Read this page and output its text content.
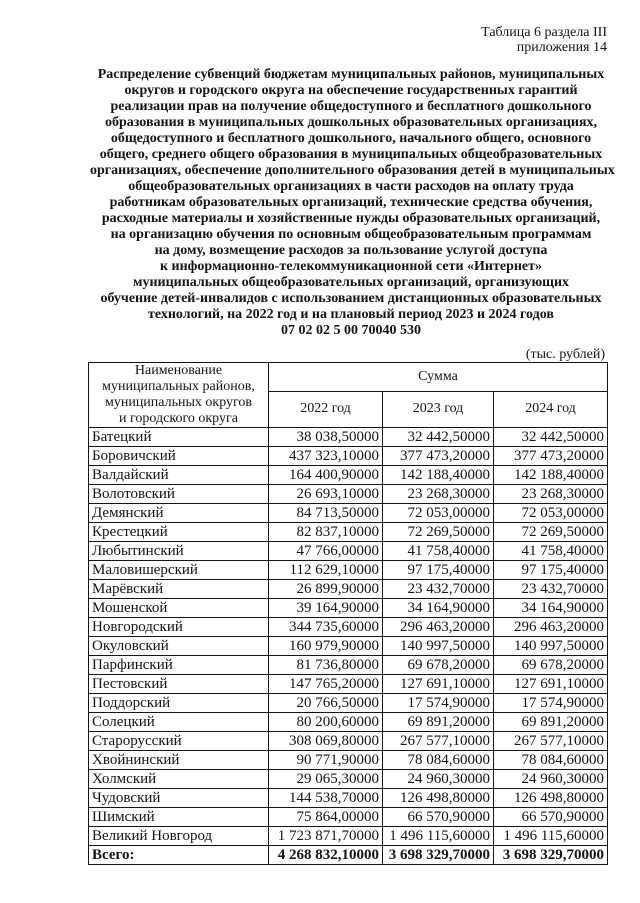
Таблица 6 раздела III
приложения 14
Распределение субвенций бюджетам муниципальных районов, муниципальных
округов и городского округа на обеспечение государственных гарантий
реализации прав на получение общедоступного и бесплатного дошкольного
образования в муниципальных дошкольных образовательных организациях,
общедоступного и бесплатного дошкольного, начального общего, основного
общего, среднего общего образования в муниципальных общеобразовательных
организациях, обеспечение дополнительного образования детей в муниципальных
общеобразовательных организациях в части расходов на оплату труда
работникам образовательных организаций, технические средства обучения,
расходные материалы и хозяйственные нужды образовательных организаций,
на организацию обучения по основным общеобразовательным программам
на дому, возмещение расходов за пользование услугой доступа
к информационно-телекоммуникационной сети «Интернет»
муниципальных общеобразовательных организаций, организующих
обучение детей-инвалидов с использованием дистанционных образовательных
технологий, на 2022 год и на плановый период 2023 и 2024 годов
07 02 02 5 00 70040 530
(тыс. рублей)
Наименование
муниципальных районов,
муниципальных округов
и городского округа	Сумма		
	2022 год	2023 год	2024 год
Батецкий	38 038,50000	32 442,50000	32 442,50000
Боровичский	437 323,10000	377 473,20000	377 473,20000
Валдайский	164 400,90000	142 188,40000	142 188,40000
Волотовский	26 693,10000	23 268,30000	23 268,30000
Демянский	84 713,50000	72 053,00000	72 053,00000
Крестецкий	82 837,10000	72 269,50000	72 269,50000
Любытинский	47 766,00000	41 758,40000	41 758,40000
Маловишерский	112 629,10000	97 175,40000	97 175,40000
Марёвский	26 899,90000	23 432,70000	23 432,70000
Мошенской	39 164,90000	34 164,90000	34 164,90000
Новгородский	344 735,60000	296 463,20000	296 463,20000
Окуловский	160 979,90000	140 997,50000	140 997,50000
Парфинский	81 736,80000	69 678,20000	69 678,20000
Пестовский	147 765,20000	127 691,10000	127 691,10000
Поддорский	20 766,50000	17 574,90000	17 574,90000
Солецкий	80 200,60000	69 891,20000	69 891,20000
Старорусский	308 069,80000	267 577,10000	267 577,10000
Хвойнинский	90 771,90000	78 084,60000	78 084,60000
Холмский	29 065,30000	24 960,30000	24 960,30000
Чудовский	144 538,70000	126 498,80000	126 498,80000
Шимский	75 864,00000	66 570,90000	66 570,90000
Великий Новгород	1 723 871,70000	1 496 115,60000	1 496 115,60000
Всего:	4 268 832,10000	3 698 329,70000	3 698 329,70000
